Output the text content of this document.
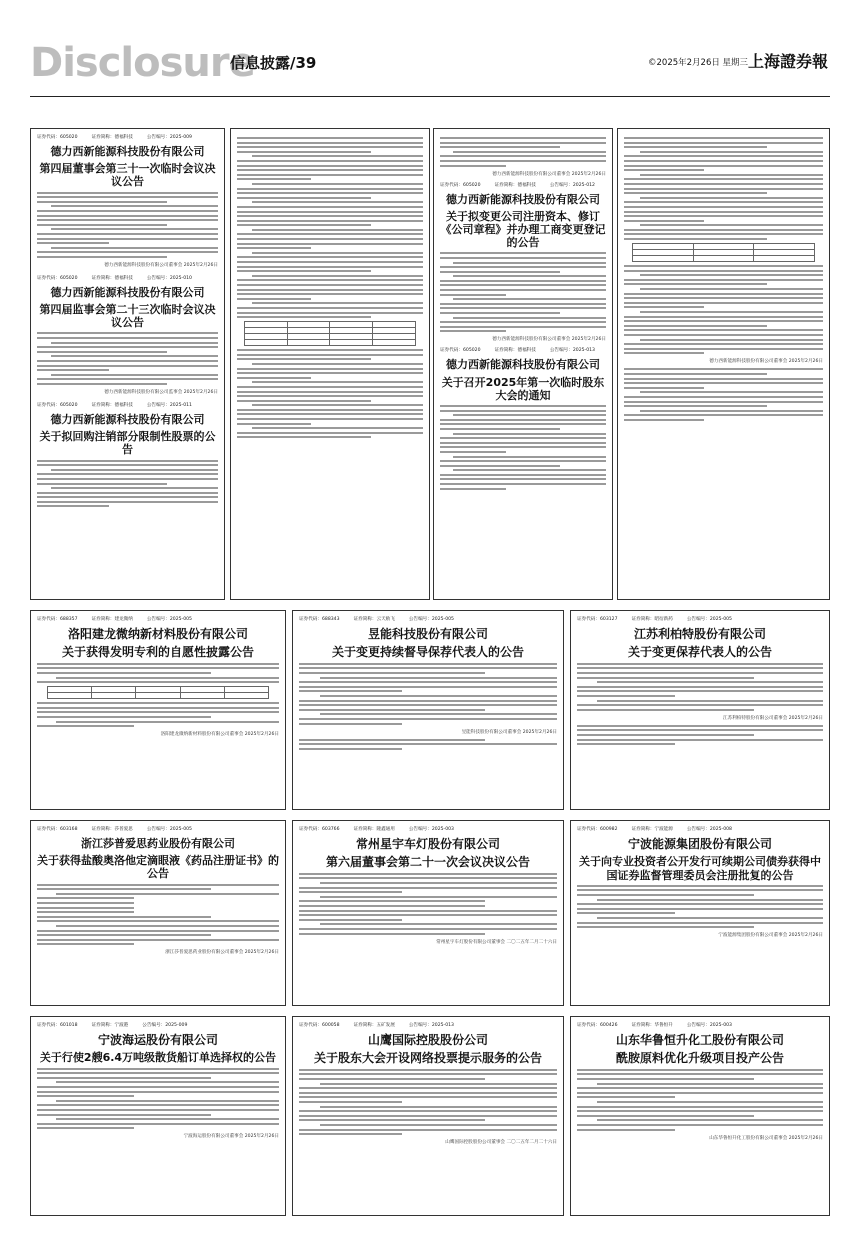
Disclosure
信息披露/39	©2025年2月26日 星期三 上海證券報
证券代码：605020	证券简称：德福科技	公告编号：2025-009
德力西新能源科技股份有限公司
第四届董事会第三十一次临时会议决议公告
德力西新能源科技股份有限公司董事会 2025年2月26日
证券代码：605020	证券简称：德福科技	公告编号：2025-010
德力西新能源科技股份有限公司
第四届监事会第二十三次临时会议决议公告
德力西新能源科技股份有限公司监事会 2025年2月26日
证券代码：605020	证券简称：德福科技	公告编号：2025-011
德力西新能源科技股份有限公司
关于拟回购注销部分限制性股票的公告

德力西新能源科技股份有限公司董事会 2025年2月26日
证券代码：605020	证券简称：德福科技	公告编号：2025-012
德力西新能源科技股份有限公司
关于拟变更公司注册资本、修订《公司章程》并办理工商变更登记的公告
德力西新能源科技股份有限公司董事会 2025年2月26日
证券代码：605020	证券简称：德福科技	公告编号：2025-013
德力西新能源科技股份有限公司
关于召开2025年第一次临时股东大会的通知

德力西新能源科技股份有限公司董事会 2025年2月26日
证券代码：688357	证券简称：建龙微纳	公告编号：2025-005
洛阳建龙微纳新材料股份有限公司
关于获得发明专利的自愿性披露公告

洛阳建龙微纳新材料股份有限公司董事会 2025年2月26日
证券代码：688343	证券简称：云天励飞	公告编号：2025-005
昱能科技股份有限公司
关于变更持续督导保荐代表人的公告
昱能科技股份有限公司董事会 2025年2月26日
证券代码：603127	证券简称：昭衍新药	公告编号：2025-005
江苏利柏特股份有限公司
关于变更保荐代表人的公告
江苏利柏特股份有限公司董事会 2025年2月26日
证券代码：603168	证券简称：莎普爱思	公告编号：2025-005
浙江莎普爱思药业股份有限公司
关于获得盐酸奥洛他定滴眼液《药品注册证书》的公告
浙江莎普爱思药业股份有限公司董事会 2025年2月26日
证券代码：603766	证券简称：隆鑫通用	公告编号：2025-003
常州星宇车灯股份有限公司
第六届董事会第二十一次会议决议公告
常州星宇车灯股份有限公司董事会 二〇二五年二月二十六日
证券代码：600982	证券简称：宁波能源	公告编号：2025-008
宁波能源集团股份有限公司
关于向专业投资者公开发行可续期公司债券获得中国证券监督管理委员会注册批复的公告
宁波能源集团股份有限公司董事会 2025年2月26日
证券代码：601018	证券简称：宁波港	公告编号：2025-009
宁波海运股份有限公司
关于行使2艘6.4万吨级散货船订单选择权的公告
宁波海运股份有限公司董事会 2025年2月26日
证券代码：600058	证券简称：五矿发展	公告编号：2025-013
山鹰国际控股股份公司
关于股东大会开设网络投票提示服务的公告
山鹰国际控股股份公司董事会 二〇二五年二月二十六日
证券代码：600426	证券简称：华鲁恒升	公告编号：2025-003
山东华鲁恒升化工股份有限公司
酰胺原料优化升级项目投产公告
山东华鲁恒升化工股份有限公司董事会 2025年2月26日
